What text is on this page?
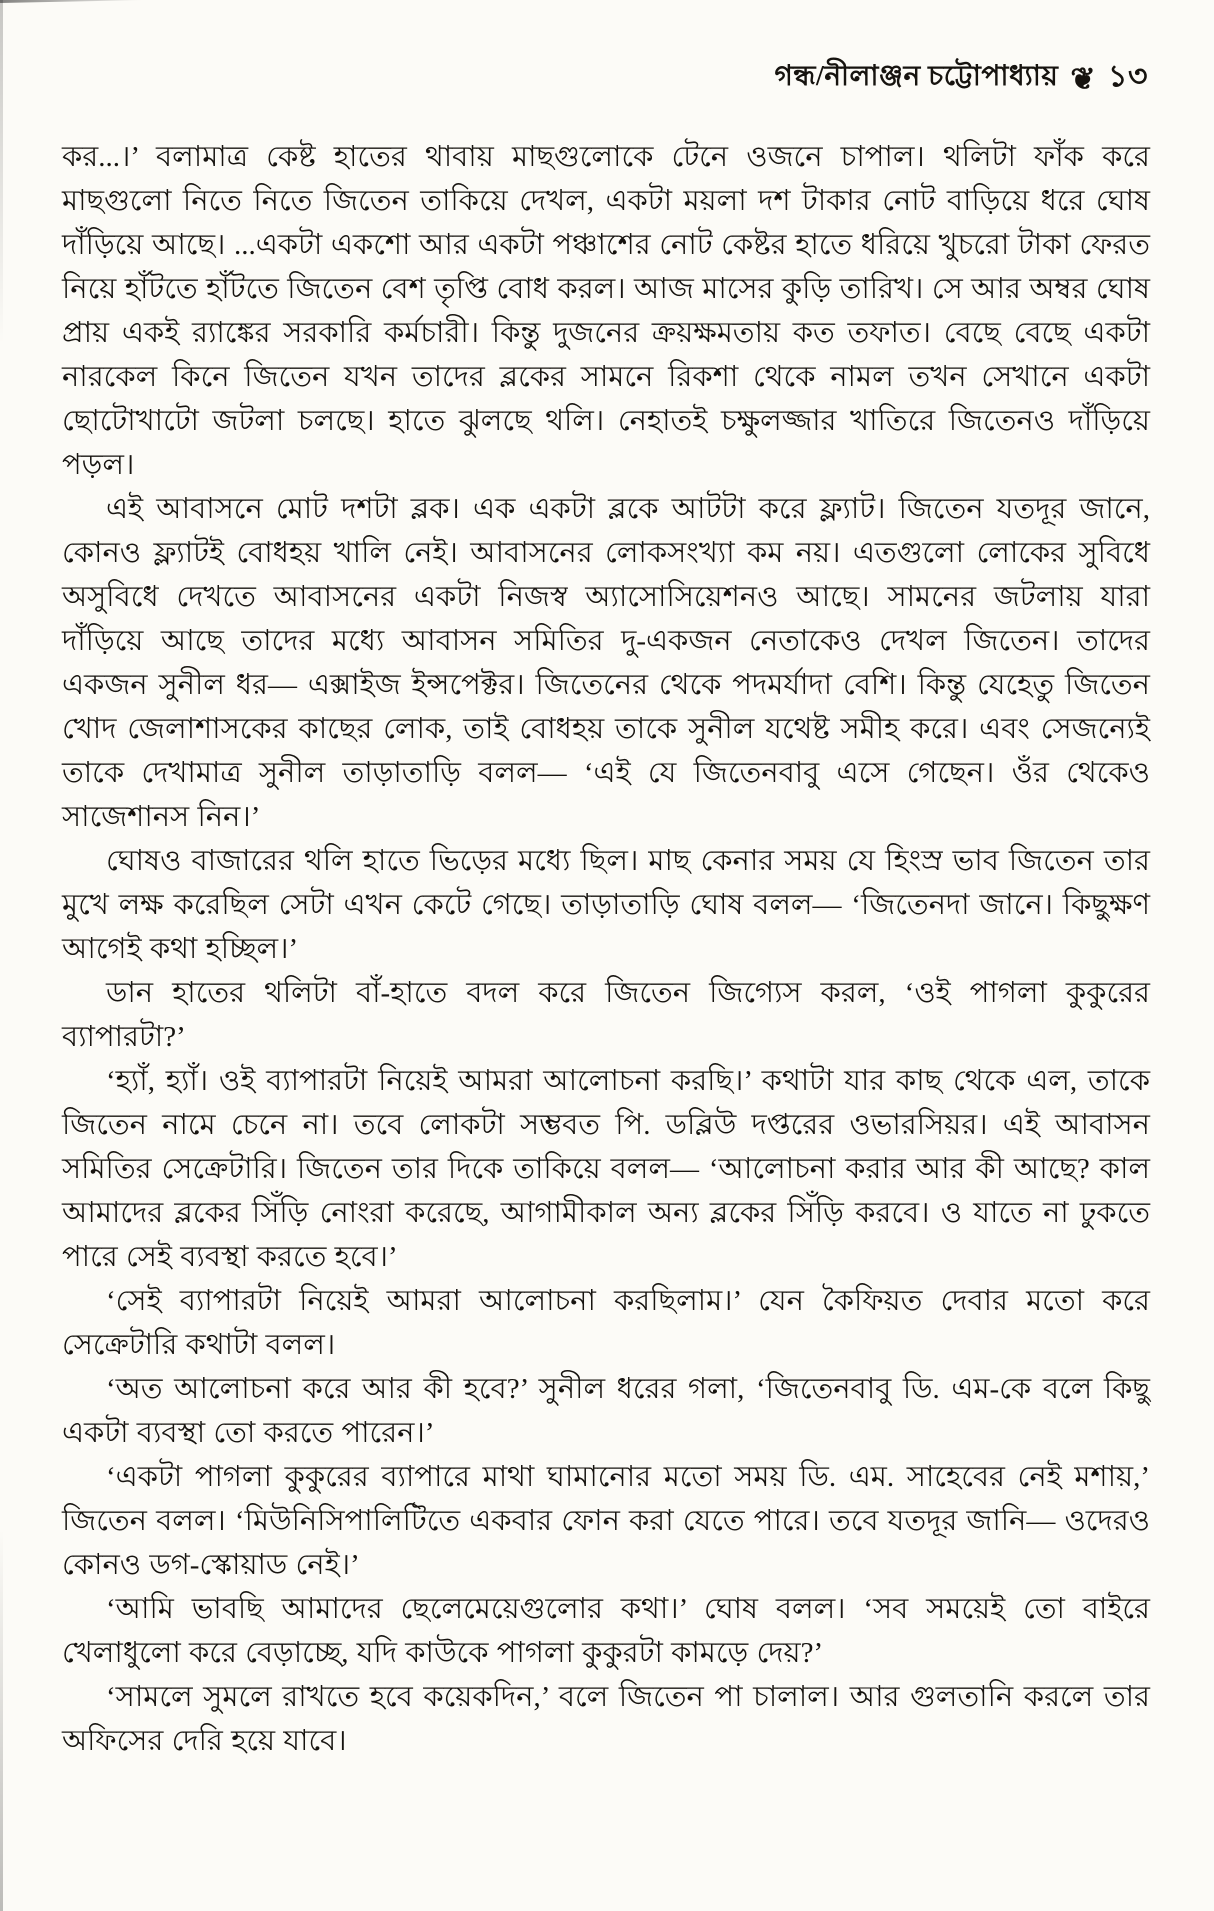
গন্ধ/নীলাঞ্জন চট্টোপাধ্যায় ❦ ১৩

কর...।’ বলামাত্র কেষ্ট হাতের থাবায় মাছগুলোকে টেনে ওজনে চাপাল। থলিটা ফাঁক করে মাছগুলো নিতে নিতে জিতেন তাকিয়ে দেখল, একটা ময়লা দশ টাকার নোট বাড়িয়ে ধরে ঘোষ দাঁড়িয়ে আছে। ...একটা একশো আর একটা পঞ্চাশের নোট কেষ্টর হাতে ধরিয়ে খুচরো টাকা ফেরত নিয়ে হাঁটতে হাঁটতে জিতেন বেশ তৃপ্তি বোধ করল। আজ মাসের কুড়ি তারিখ। সে আর অম্বর ঘোষ প্রায় একই র‍্যাঙ্কের সরকারি কর্মচারী। কিন্তু দুজনের ক্রয়ক্ষমতায় কত তফাত। বেছে বেছে একটা নারকেল কিনে জিতেন যখন তাদের ব্লকের সামনে রিকশা থেকে নামল তখন সেখানে একটা ছোটোখাটো জটলা চলছে। হাতে ঝুলছে থলি। নেহাতই চক্ষুলজ্জার খাতিরে জিতেনও দাঁড়িয়ে পড়ল।

এই আবাসনে মোট দশটা ব্লক। এক একটা ব্লকে আটটা করে ফ্ল্যাট। জিতেন যতদূর জানে, কোনও ফ্ল্যাটই বোধহয় খালি নেই। আবাসনের লোকসংখ্যা কম নয়। এতগুলো লোকের সুবিধে অসুবিধে দেখতে আবাসনের একটা নিজস্ব অ্যাসোসিয়েশনও আছে। সামনের জটলায় যারা দাঁড়িয়ে আছে তাদের মধ্যে আবাসন সমিতির দু-একজন নেতাকেও দেখল জিতেন। তাদের একজন সুনীল ধর— এক্সাইজ ইন্সপেক্টর। জিতেনের থেকে পদমর্যাদা বেশি। কিন্তু যেহেতু জিতেন খোদ জেলাশাসকের কাছের লোক, তাই বোধহয় তাকে সুনীল যথেষ্ট সমীহ করে। এবং সেজন্যেই তাকে দেখামাত্র সুনীল তাড়াতাড়ি বলল— ‘এই যে জিতেনবাবু এসে গেছেন। ওঁর থেকেও সাজেশানস নিন।’

ঘোষও বাজারের থলি হাতে ভিড়ের মধ্যে ছিল। মাছ কেনার সময় যে হিংস্র ভাব জিতেন তার মুখে লক্ষ করেছিল সেটা এখন কেটে গেছে। তাড়াতাড়ি ঘোষ বলল— ‘জিতেনদা জানে। কিছুক্ষণ আগেই কথা হচ্ছিল।’

ডান হাতের থলিটা বাঁ-হাতে বদল করে জিতেন জিগ্যেস করল, ‘ওই পাগলা কুকুরের ব্যাপারটা?’

‘হ্যাঁ, হ্যাঁ। ওই ব্যাপারটা নিয়েই আমরা আলোচনা করছি।’ কথাটা যার কাছ থেকে এল, তাকে জিতেন নামে চেনে না। তবে লোকটা সম্ভবত পি. ডব্লিউ দপ্তরের ওভারসিয়র। এই আবাসন সমিতির সেক্রেটারি। জিতেন তার দিকে তাকিয়ে বলল— ‘আলোচনা করার আর কী আছে? কাল আমাদের ব্লকের সিঁড়ি নোংরা করেছে, আগামীকাল অন্য ব্লকের সিঁড়ি করবে। ও যাতে না ঢুকতে পারে সেই ব্যবস্থা করতে হবে।’

‘সেই ব্যাপারটা নিয়েই আমরা আলোচনা করছিলাম।’ যেন কৈফিয়ত দেবার মতো করে সেক্রেটারি কথাটা বলল।

‘অত আলোচনা করে আর কী হবে?’ সুনীল ধরের গলা, ‘জিতেনবাবু ডি. এম-কে বলে কিছু একটা ব্যবস্থা তো করতে পারেন।’

‘একটা পাগলা কুকুরের ব্যাপারে মাথা ঘামানোর মতো সময় ডি. এম. সাহেবের নেই মশায়,’ জিতেন বলল। ‘মিউনিসিপালিটিতে একবার ফোন করা যেতে পারে। তবে যতদূর জানি— ওদেরও কোনও ডগ-স্কোয়াড নেই।’

‘আমি ভাবছি আমাদের ছেলেমেয়েগুলোর কথা।’ ঘোষ বলল। ‘সব সময়েই তো বাইরে খেলাধুলো করে বেড়াচ্ছে, যদি কাউকে পাগলা কুকুরটা কামড়ে দেয়?’

‘সামলে সুমলে রাখতে হবে কয়েকদিন,’ বলে জিতেন পা চালাল। আর গুলতানি করলে তার অফিসের দেরি হয়ে যাবে।
